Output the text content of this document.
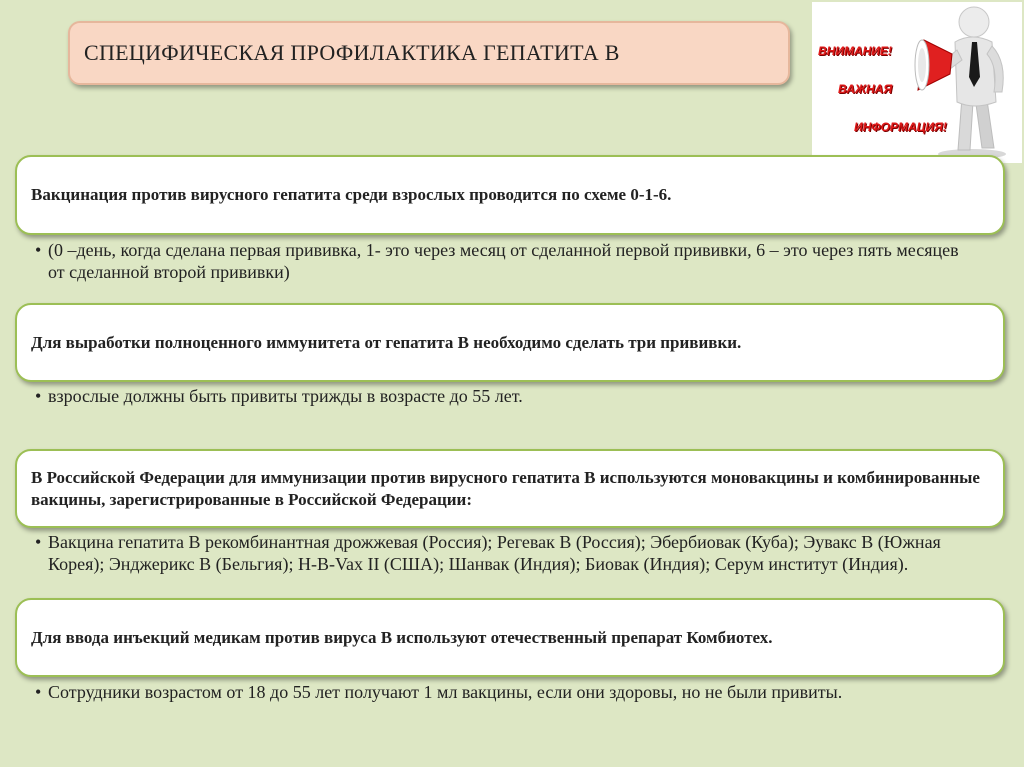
СПЕЦИФИЧЕСКАЯ ПРОФИЛАКТИКА ГЕПАТИТА В	ВНИМАНИЕ!
ВАЖНАЯ
ИНФОРМАЦИЯ!
Вакцинация против вирусного гепатита среди взрослых проводится по схеме 0-1-6.
• (0 –день, когда сделана первая прививка, 1- это через месяц от сделанной первой прививки, 6 – это через пять месяцев от сделанной второй прививки)
Для выработки полноценного иммунитета от гепатита В необходимо сделать три прививки.
• взрослые должны быть привиты трижды в возрасте до 55 лет.
В Российской Федерации для иммунизации против вирусного гепатита В используются моновакцины и комбинированные вакцины, зарегистрированные в Российской Федерации:
• Вакцина гепатита В рекомбинантная дрожжевая (Россия); Регевак В (Россия); Эбербиовак (Куба); Эувакс В (Южная Корея); Энджерикс В (Бельгия); H-B-Vax II (США); Шанвак (Индия); Биовак (Индия); Серум институт (Индия).
Для ввода инъекций медикам против вируса В используют отечественный препарат Комбиотех.
• Сотрудники возрастом от 18 до 55 лет получают 1 мл вакцины, если они здоровы, но не были привиты.
